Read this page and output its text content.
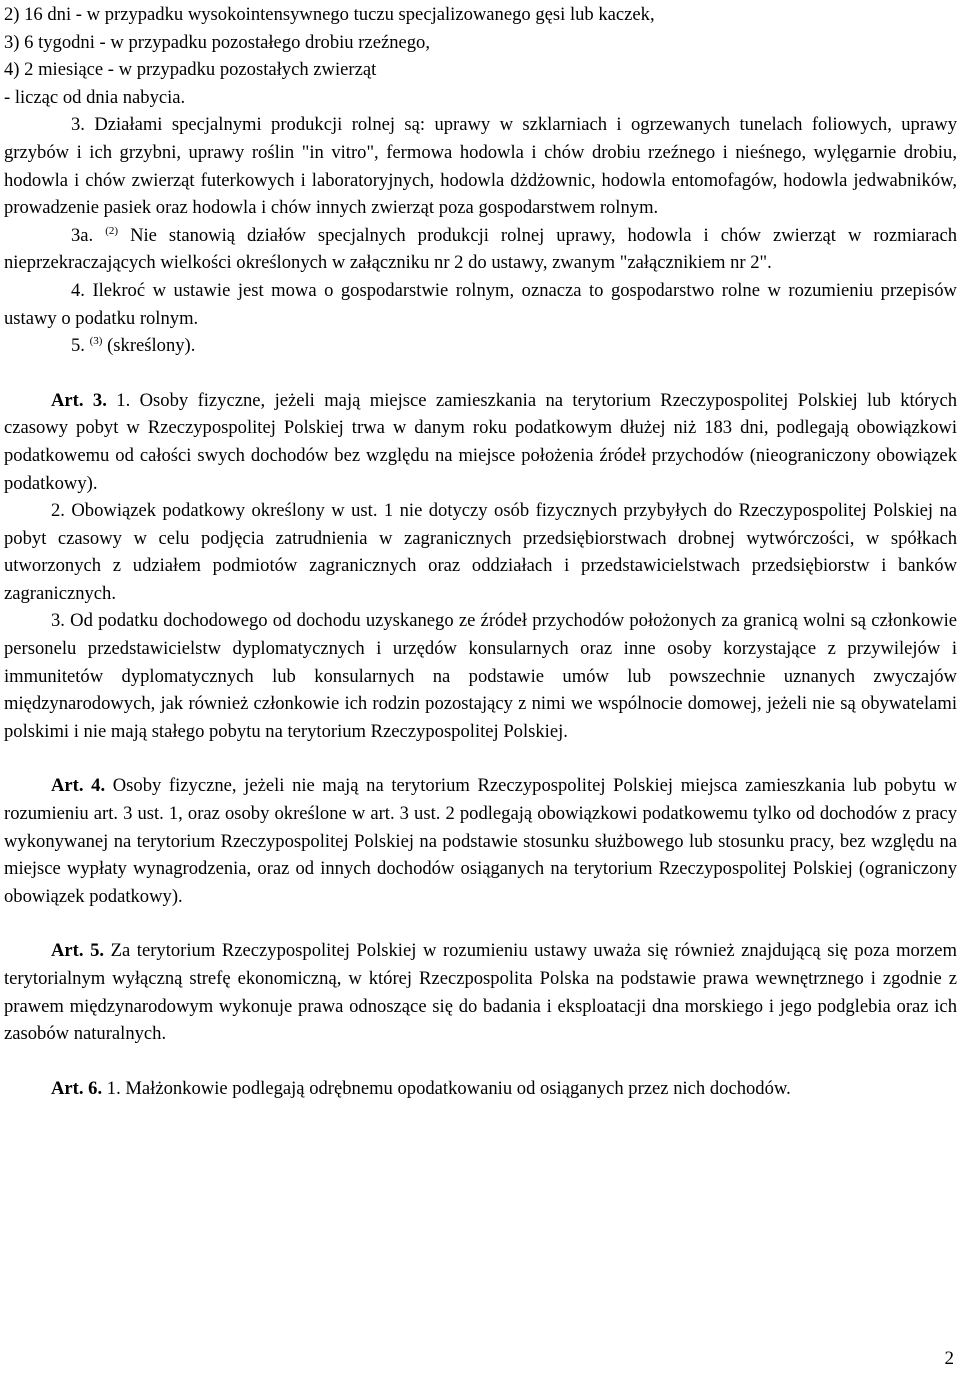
2) 16 dni - w przypadku wysokointensywnego tuczu specjalizowanego gęsi lub kaczek,

3) 6 tygodni - w przypadku pozostałego drobiu rzeźnego,

4) 2 miesiące - w przypadku pozostałych zwierząt

- licząc od dnia nabycia.

3. Działami specjalnymi produkcji rolnej są: uprawy w szklarniach i ogrzewanych tunelach foliowych, uprawy grzybów i ich grzybni, uprawy roślin "in vitro", fermowa hodowla i chów drobiu rzeźnego i nieśnego, wylęgarnie drobiu, hodowla i chów zwierząt futerkowych i laboratoryjnych, hodowla dżdżownic, hodowla entomofagów, hodowla jedwabników, prowadzenie pasiek oraz hodowla i chów innych zwierząt poza gospodarstwem rolnym.

3a. $^{(2)}$ Nie stanowią działów specjalnych produkcji rolnej uprawy, hodowla i chów zwierząt w rozmiarach nieprzekraczających wielkości określonych w załączniku nr 2 do ustawy, zwanym "załącznikiem nr 2".

4. Ilekroć w ustawie jest mowa o gospodarstwie rolnym, oznacza to gospodarstwo rolne w rozumieniu przepisów ustawy o podatku rolnym.

5. $^{(3)}$ (skreślony).

Art. 3. 1. Osoby fizyczne, jeżeli mają miejsce zamieszkania na terytorium Rzeczypospolitej Polskiej lub których czasowy pobyt w Rzeczypospolitej Polskiej trwa w danym roku podatkowym dłużej niż 183 dni, podlegają obowiązkowi podatkowemu od całości swych dochodów bez względu na miejsce położenia źródeł przychodów (nieograniczony obowiązek podatkowy).

2. Obowiązek podatkowy określony w ust. 1 nie dotyczy osób fizycznych przybyłych do Rzeczypospolitej Polskiej na pobyt czasowy w celu podjęcia zatrudnienia w zagranicznych przedsiębiorstwach drobnej wytwórczości, w spółkach utworzonych z udziałem podmiotów zagranicznych oraz oddziałach i przedstawicielstwach przedsiębiorstw i banków zagranicznych.

3. Od podatku dochodowego od dochodu uzyskanego ze źródeł przychodów położonych za granicą wolni są członkowie personelu przedstawicielstw dyplomatycznych i urzędów konsularnych oraz inne osoby korzystające z przywilejów i immunitetów dyplomatycznych lub konsularnych na podstawie umów lub powszechnie uznanych zwyczajów międzynarodowych, jak również członkowie ich rodzin pozostający z nimi we wspólnocie domowej, jeżeli nie są obywatelami polskimi i nie mają stałego pobytu na terytorium Rzeczypospolitej Polskiej.

Art. 4. Osoby fizyczne, jeżeli nie mają na terytorium Rzeczypospolitej Polskiej miejsca zamieszkania lub pobytu w rozumieniu art. 3 ust. 1, oraz osoby określone w art. 3 ust. 2 podlegają obowiązkowi podatkowemu tylko od dochodów z pracy wykonywanej na terytorium Rzeczypospolitej Polskiej na podstawie stosunku służbowego lub stosunku pracy, bez względu na miejsce wypłaty wynagrodzenia, oraz od innych dochodów osiąganych na terytorium Rzeczypospolitej Polskiej (ograniczony obowiązek podatkowy).

Art. 5. Za terytorium Rzeczypospolitej Polskiej w rozumieniu ustawy uważa się również znajdującą się poza morzem terytorialnym wyłączną strefę ekonomiczną, w której Rzeczpospolita Polska na podstawie prawa wewnętrznego i zgodnie z prawem międzynarodowym wykonuje prawa odnoszące się do badania i eksploatacji dna morskiego i jego podglebia oraz ich zasobów naturalnych.

Art. 6. 1. Małżonkowie podlegają odrębnemu opodatkowaniu od osiąganych przez nich dochodów.

2
